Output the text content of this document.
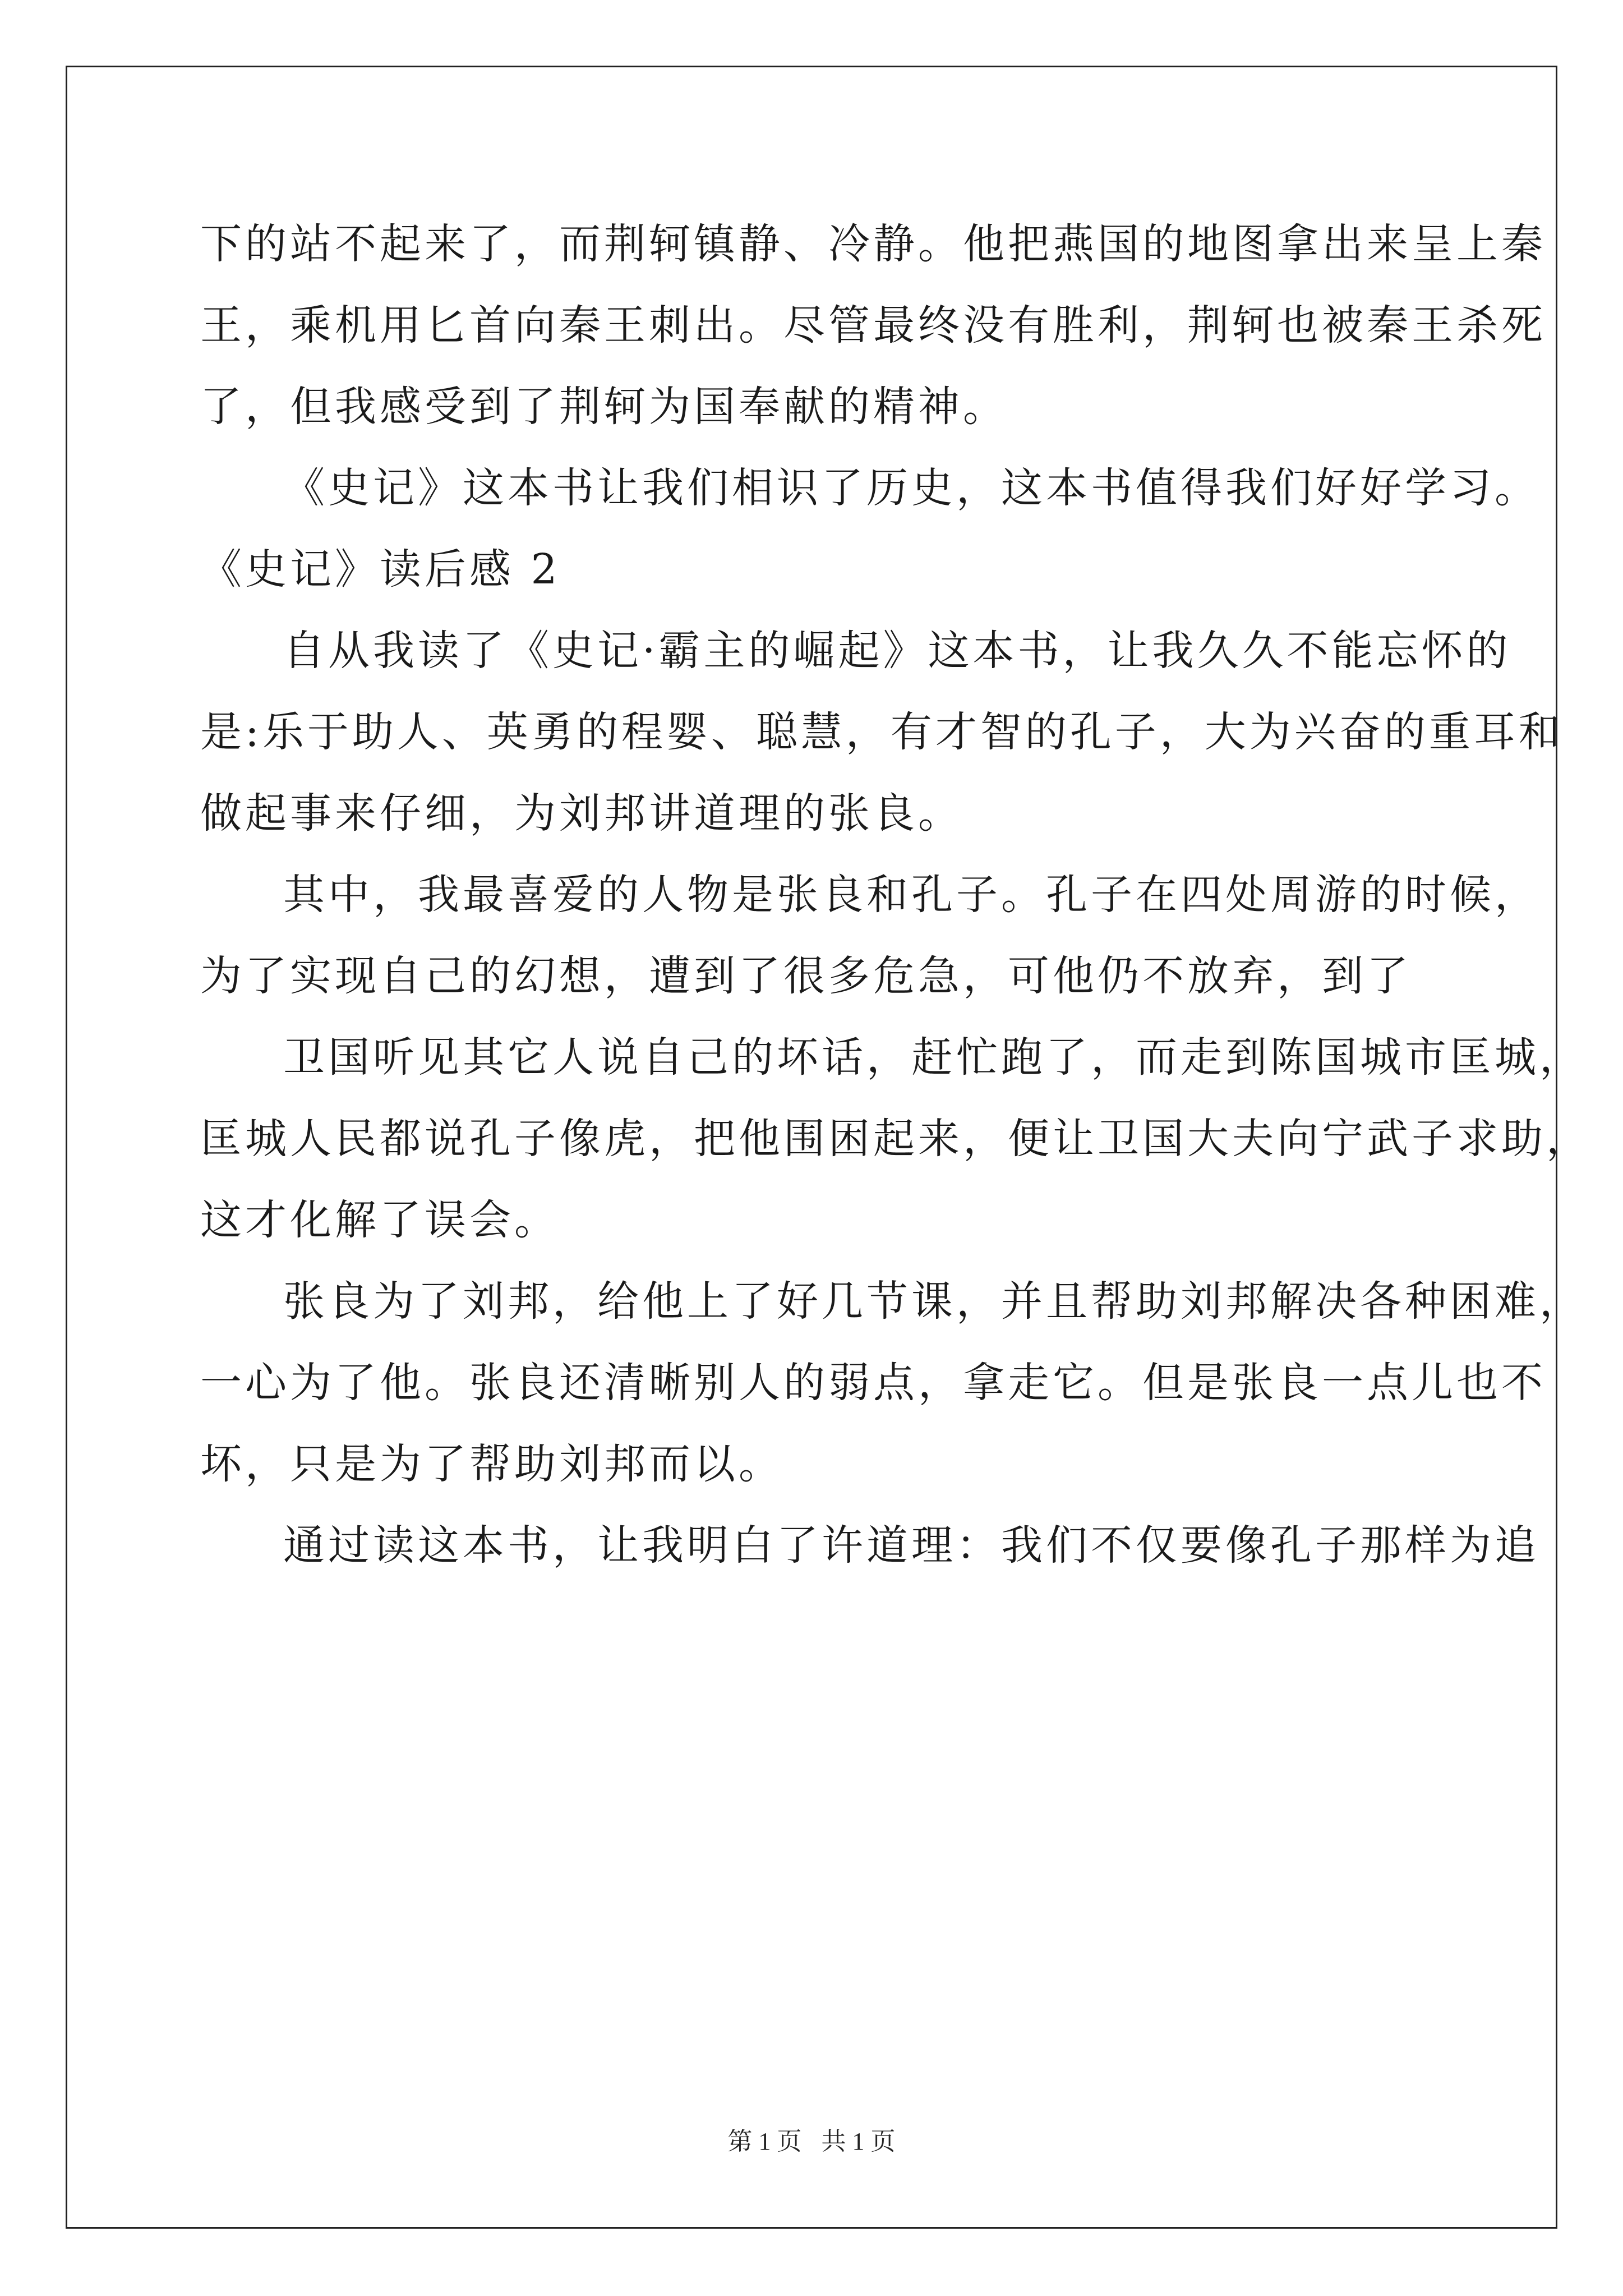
下的站不起来了，而荆轲镇静、冷静。他把燕国的地图拿出来呈上秦
王，乘机用匕首向秦王刺出。尽管最终没有胜利，荆轲也被秦王杀死
了，但我感受到了荆轲为国奉献的精神。
《史记》这本书让我们相识了历史，这本书值得我们好好学习。
《史记》读后感 2
自从我读了《史记·霸主的崛起》这本书，让我久久不能忘怀的
是:乐于助人、英勇的程婴、聪慧，有才智的孔子，大为兴奋的重耳和
做起事来仔细，为刘邦讲道理的张良。
其中，我最喜爱的人物是张良和孔子。孔子在四处周游的时候，
为了实现自己的幻想，遭到了很多危急，可他仍不放弃，到了
卫国听见其它人说自己的坏话，赶忙跑了，而走到陈国城市匡城，
匡城人民都说孔子像虎，把他围困起来，便让卫国大夫向宁武子求助，
这才化解了误会。
张良为了刘邦，给他上了好几节课，并且帮助刘邦解决各种困难，
一心为了他。张良还清晰别人的弱点，拿走它。但是张良一点儿也不
坏，只是为了帮助刘邦而以。
通过读这本书，让我明白了许道理：我们不仅要像孔子那样为追
第 1 页 共 1 页
